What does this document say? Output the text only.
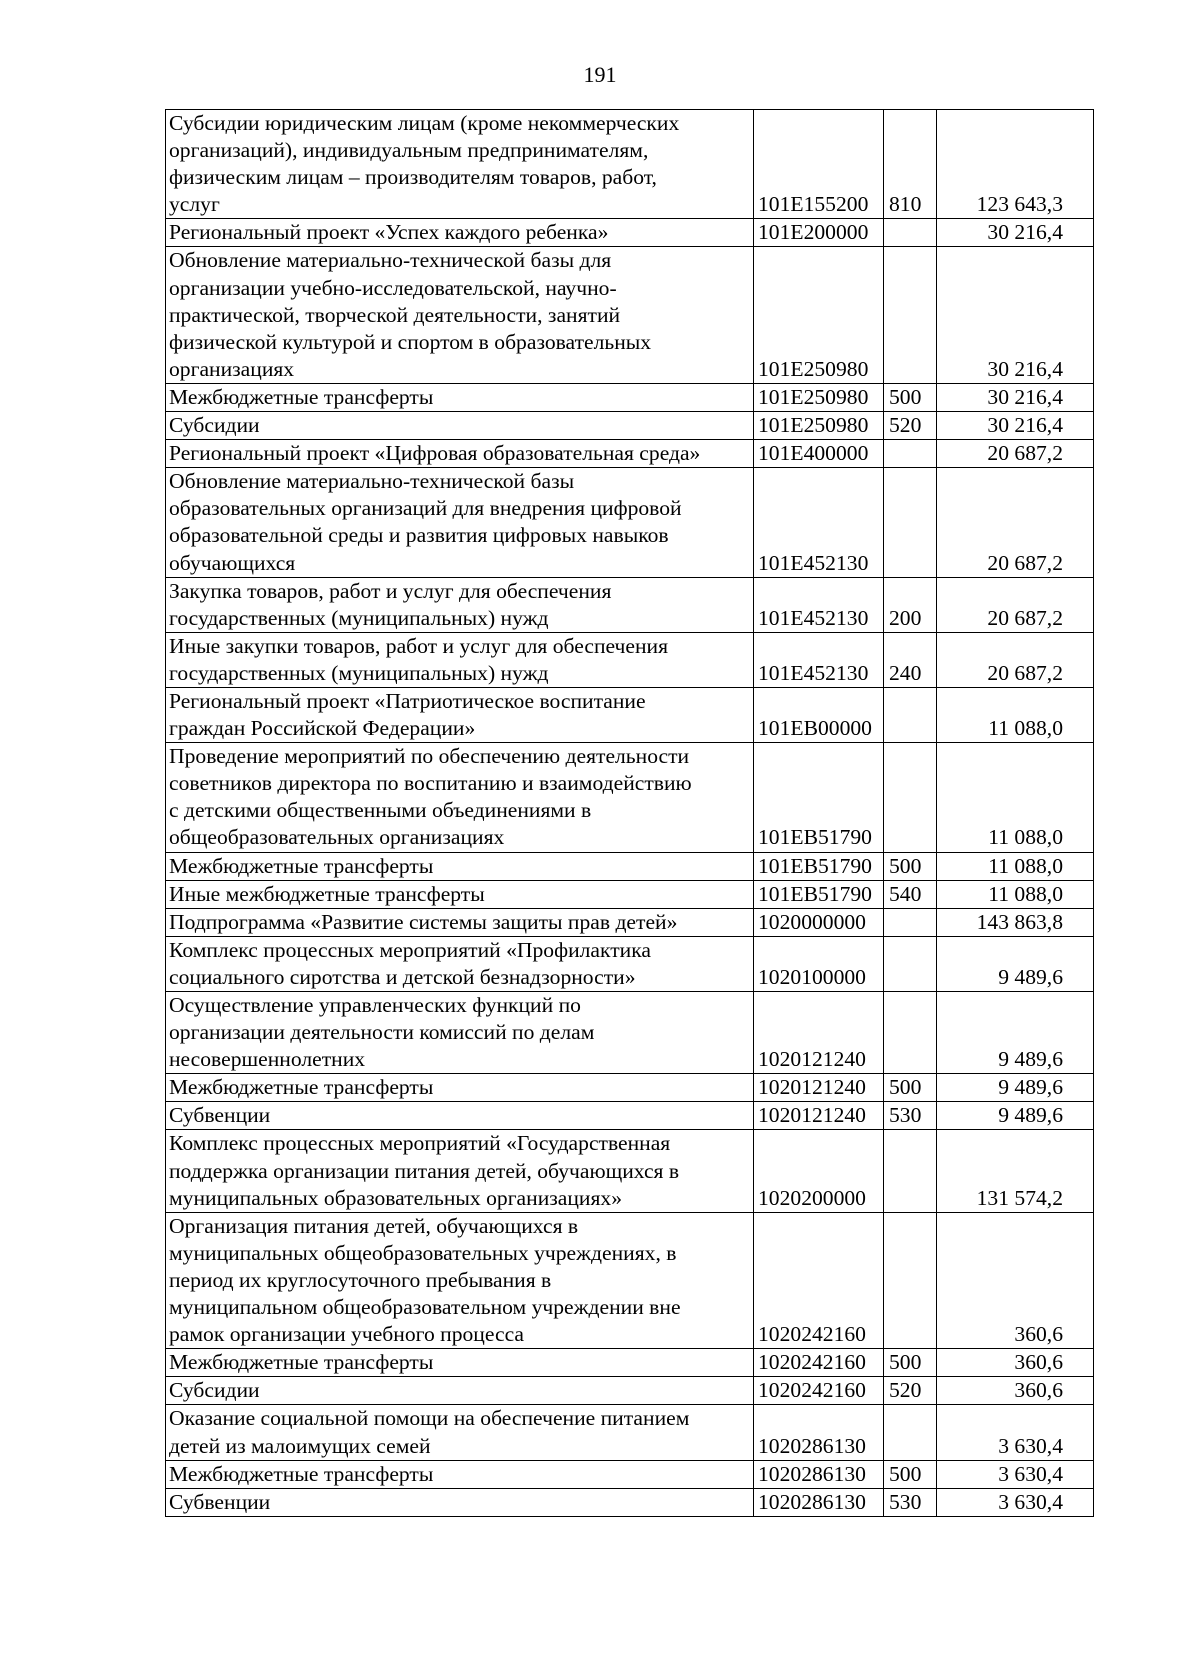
191
Субсидии юридическим лицам (кроме некоммерческих
организаций), индивидуальным предпринимателям,
физическим лицам – производителям товаров, работ,
услуг	101E155200	810	123 643,3
Региональный проект «Успех каждого ребенка»	101E200000		30 216,4
Обновление материально-технической базы для
организации учебно-исследовательской, научно-
практической, творческой деятельности, занятий
физической культурой и спортом в образовательных
организациях	101E250980		30 216,4
Межбюджетные трансферты	101E250980	500	30 216,4
Субсидии	101E250980	520	30 216,4
Региональный проект «Цифровая образовательная среда»	101E400000		20 687,2
Обновление материально-технической базы
образовательных организаций для внедрения цифровой
образовательной среды и развития цифровых навыков
обучающихся	101E452130		20 687,2
Закупка товаров, работ и услуг для обеспечения
государственных (муниципальных) нужд	101E452130	200	20 687,2
Иные закупки товаров, работ и услуг для обеспечения
государственных (муниципальных) нужд	101E452130	240	20 687,2
Региональный проект «Патриотическое воспитание
граждан Российской Федерации»	101EB00000		11 088,0
Проведение мероприятий по обеспечению деятельности
советников директора по воспитанию и взаимодействию
с детскими общественными объединениями в
общеобразовательных организациях	101EB51790		11 088,0
Межбюджетные трансферты	101EB51790	500	11 088,0
Иные межбюджетные трансферты	101EB51790	540	11 088,0
Подпрограмма «Развитие системы защиты прав детей»	1020000000		143 863,8
Комплекс процессных мероприятий «Профилактика
социального сиротства и детской безнадзорности»	1020100000		9 489,6
Осуществление управленческих функций по
организации деятельности комиссий по делам
несовершеннолетних	1020121240		9 489,6
Межбюджетные трансферты	1020121240	500	9 489,6
Субвенции	1020121240	530	9 489,6
Комплекс процессных мероприятий «Государственная
поддержка организации питания детей, обучающихся в
муниципальных образовательных организациях»	1020200000		131 574,2
Организация питания детей, обучающихся в
муниципальных общеобразовательных учреждениях, в
период их круглосуточного пребывания в
муниципальном общеобразовательном учреждении вне
рамок организации учебного процесса	1020242160		360,6
Межбюджетные трансферты	1020242160	500	360,6
Субсидии	1020242160	520	360,6
Оказание социальной помощи на обеспечение питанием
детей из малоимущих семей	1020286130		3 630,4
Межбюджетные трансферты	1020286130	500	3 630,4
Субвенции	1020286130	530	3 630,4
